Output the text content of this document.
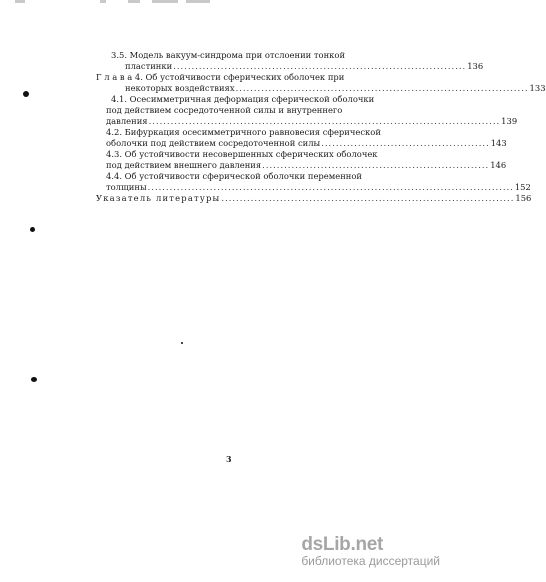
3.5. Модель вакуум-синдрома при отслоении тонкой
пластинки ................................................................................ 136
Г л а в а 4. Об устойчивости сферических оболочек при
некоторых воздействиях ................................................................................ 133
4.1. Осесимметричная деформация сферической оболочки
под действием сосредоточенной силы и внутреннего
давления ................................................................................................ 139
4.2. Бифуркация осесимметричного равновесия сферической
оболочки под действием сосредоточенной силы .............................................. 143
4.3. Об устойчивости несовершенных сферических оболочек
под действием внешнего давления .............................................................. 146
4.4. Об устойчивости сферической оболочки переменной
толщины .................................................................................................... 152
Указатель литературы ................................................................................ 156
3
dsLib.net
библиотека диссертаций
